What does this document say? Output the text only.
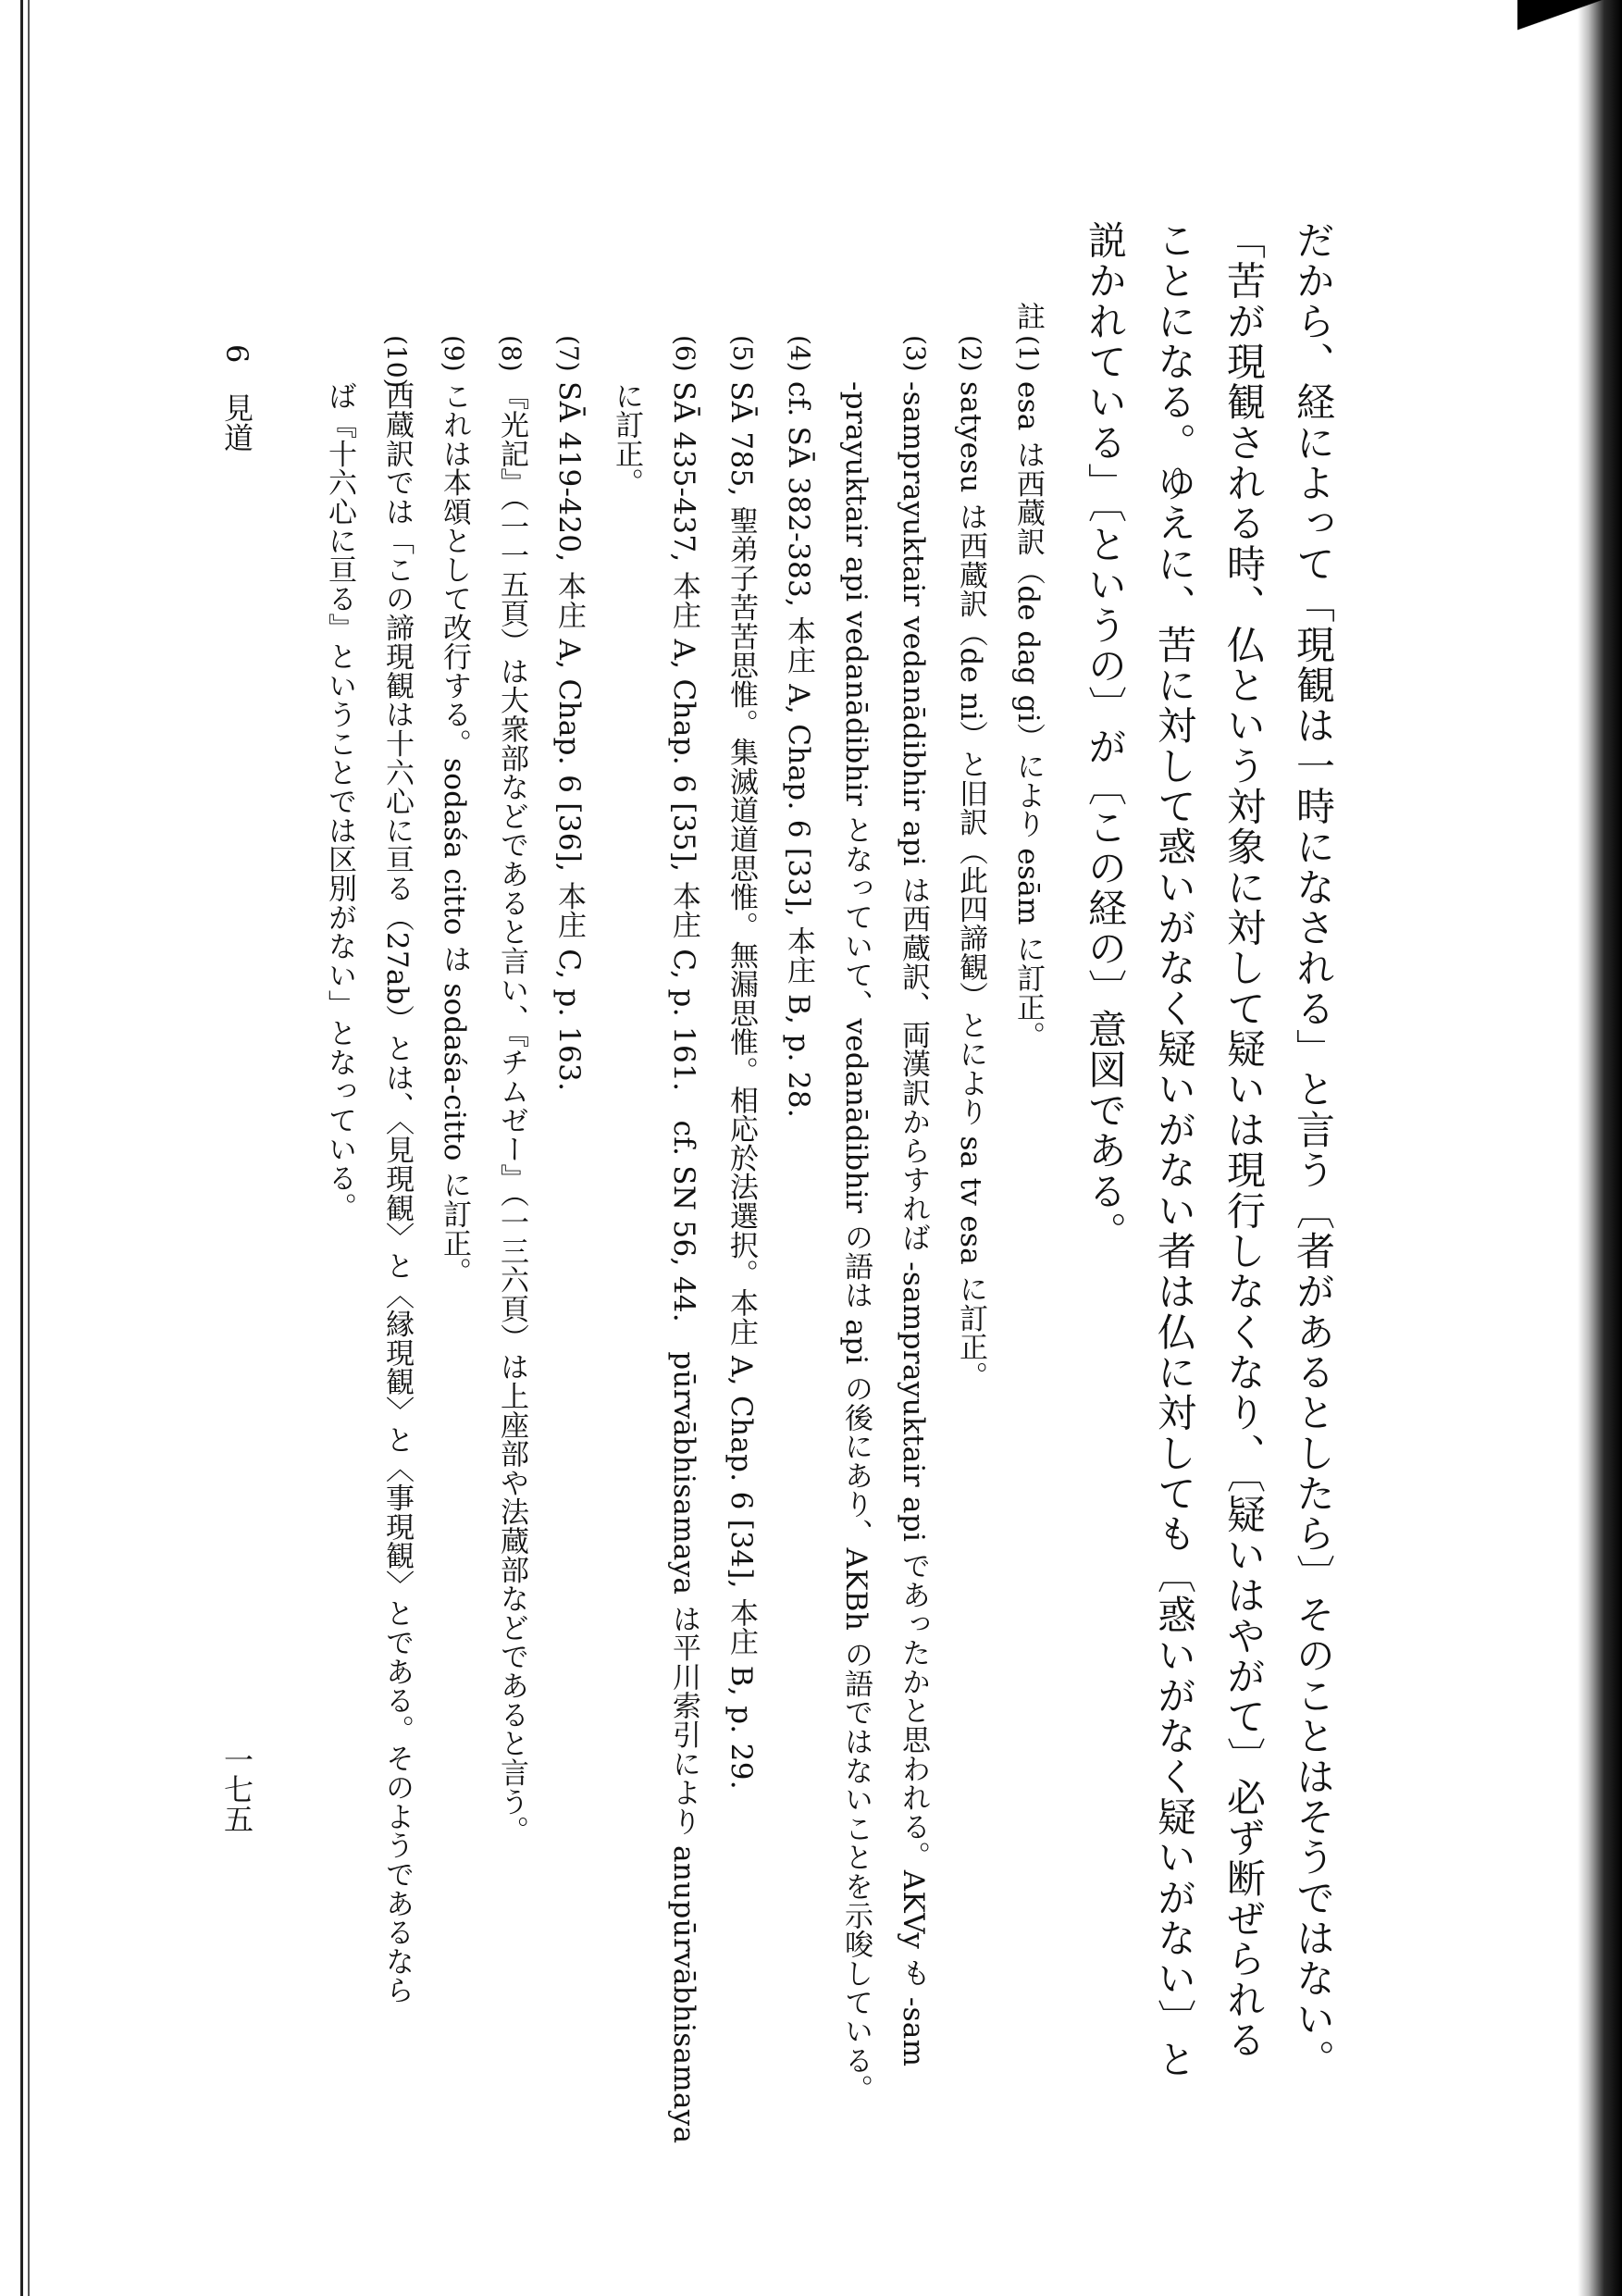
だから、経によって「現観は一時になされる」と言う〔者があるとしたら〕そのことはそうではない。

「苦が現観される時、仏という対象に対して疑いは現行しなくなり、〔疑いはやがて〕必ず断ぜられる

ことになる。ゆえに、苦に対して惑いがなく疑いがない者は仏に対しても〔惑いがなく疑いがない〕と

説かれている」〔というの〕が〔この経の〕意図である。

註
(1)
(2)
(3)
(4)
(5)
(6)
(7)
(8)
(9)
(10)

esa は西蔵訳（de dag gi）により esām に訂正。

satyesu は西蔵訳（de ni）と旧訳（此四諦観）とにより sa tv esa に訂正。

-samprayuktair vedanādibhir api は西蔵訳、両漢訳からすれば -samprayuktair api であったかと思われる。AKVy も -sam

-prayuktair api vedanādibhir となっていて、vedanādibhir の語は api の後にあり、AKBh の語ではないことを示唆している。

cf. SĀ 382-383, 本庄 A, Chap. 6 [33], 本庄 B, p. 28.

SĀ 785, 聖弟子苦苦思惟。集滅道道思惟。無漏思惟。相応於法選択。本庄 A, Chap. 6 [34], 本庄 B, p. 29.

SĀ 435-437, 本庄 A, Chap. 6 [35], 本庄 C, p. 161.　cf. SN 56, 44.　pūrvābhisamaya は平川索引により anupūrvābhisamaya

に訂正。

SĀ 419-420, 本庄 A, Chap. 6 [36], 本庄 C, p. 163.

『光記』（一一五頁）は大衆部などであると言い、『チムゼー』（一三六頁）は上座部や法蔵部などであると言う。

これは本頌として改行する。sodaśa citto は sodaśa-citto に訂正。

西蔵訳では「この諦現観は十六心に亘る（27ab）とは、〈見現観〉と〈縁現観〉と〈事現観〉とである。そのようであるなら

ば『十六心に亘る』ということでは区別がない」となっている。

6　見道
一七五
